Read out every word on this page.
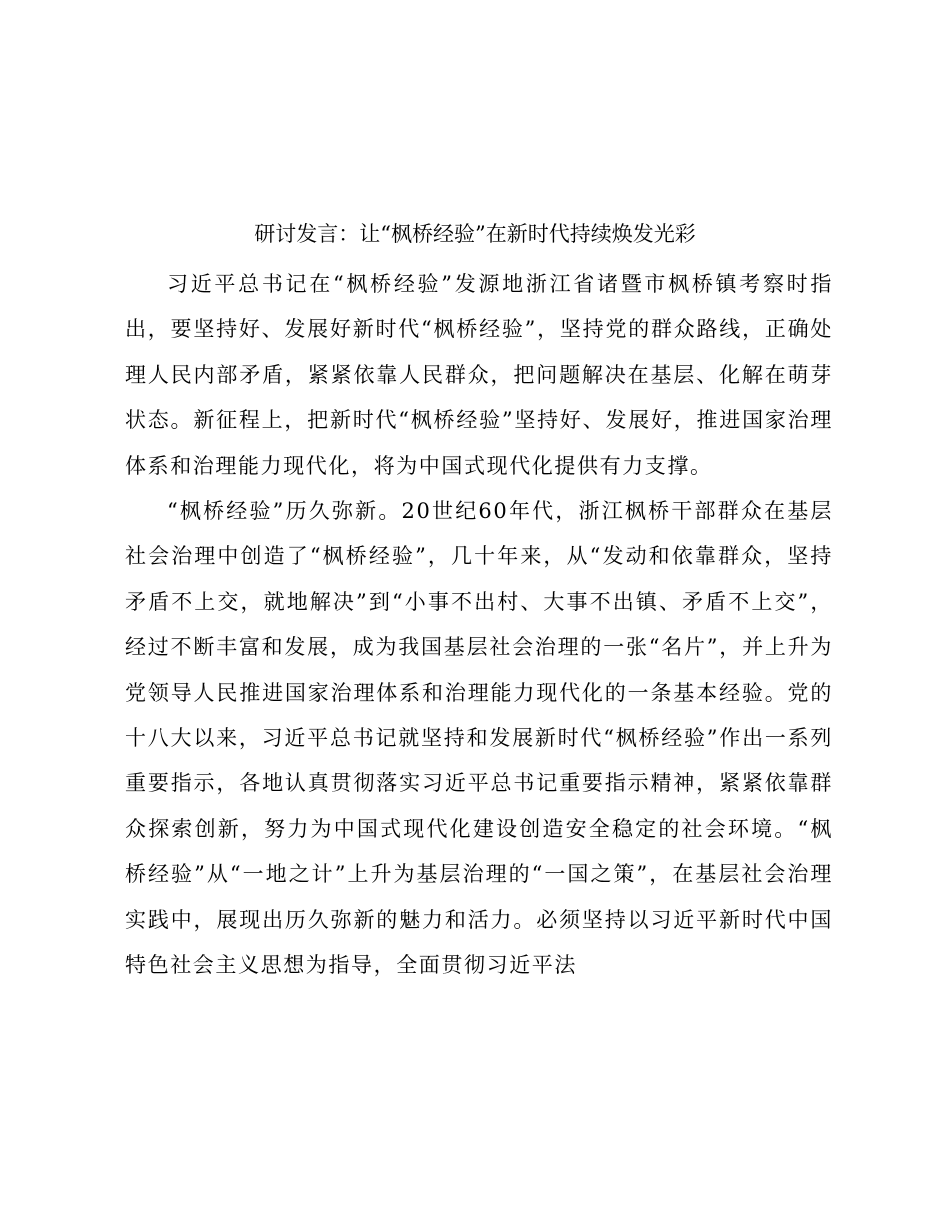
研讨发言：让“枫桥经验”在新时代持续焕发光彩

习近平总书记在“枫桥经验”发源地浙江省诸暨市枫桥镇考察时指出，要坚持好、发展好新时代“枫桥经验”，坚持党的群众路线，正确处理人民内部矛盾，紧紧依靠人民群众，把问题解决在基层、化解在萌芽状态。新征程上，把新时代“枫桥经验”坚持好、发展好，推进国家治理体系和治理能力现代化，将为中国式现代化提供有力支撑。

“枫桥经验”历久弥新。20世纪60年代，浙江枫桥干部群众在基层社会治理中创造了“枫桥经验”，几十年来，从“发动和依靠群众，坚持矛盾不上交，就地解决”到“小事不出村、大事不出镇、矛盾不上交”，经过不断丰富和发展，成为我国基层社会治理的一张“名片”，并上升为党领导人民推进国家治理体系和治理能力现代化的一条基本经验。党的十八大以来，习近平总书记就坚持和发展新时代“枫桥经验”作出一系列重要指示，各地认真贯彻落实习近平总书记重要指示精神，紧紧依靠群众探索创新，努力为中国式现代化建设创造安全稳定的社会环境。“枫桥经验”从“一地之计”上升为基层治理的“一国之策”，在基层社会治理实践中，展现出历久弥新的魅力和活力。必须坚持以习近平新时代中国特色社会主义思想为指导，全面贯彻习近平法
